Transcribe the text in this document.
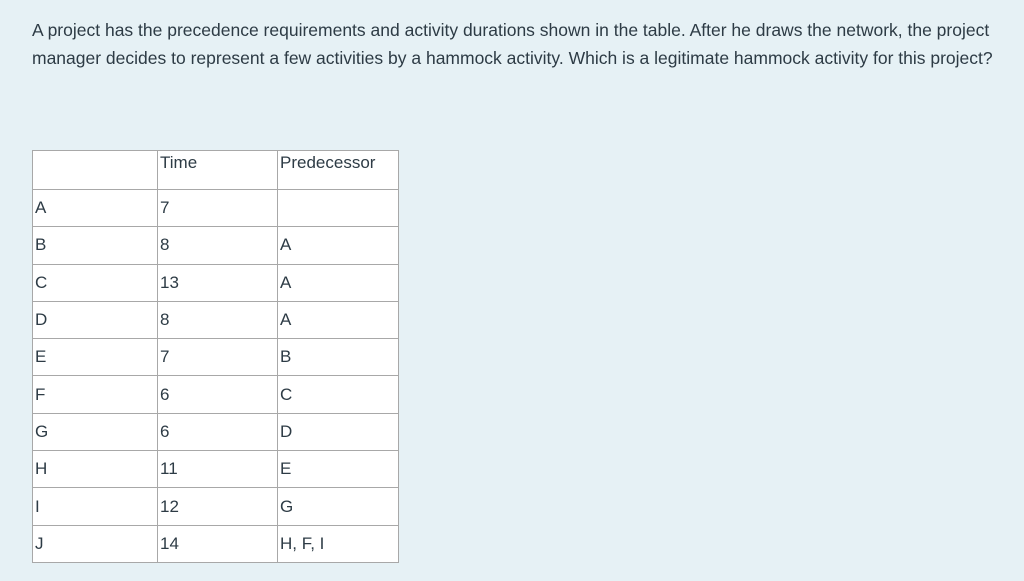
A project has the precedence requirements and activity durations shown in the table. After he draws the network, the project manager decides to represent a few activities by a hammock activity. Which is a legitimate hammock activity for this project?

	Time	Predecessor
A	7	
B	8	A
C	13	A
D	8	A
E	7	B
F	6	C
G	6	D
H	11	E
I	12	G
J	14	H, F, I
